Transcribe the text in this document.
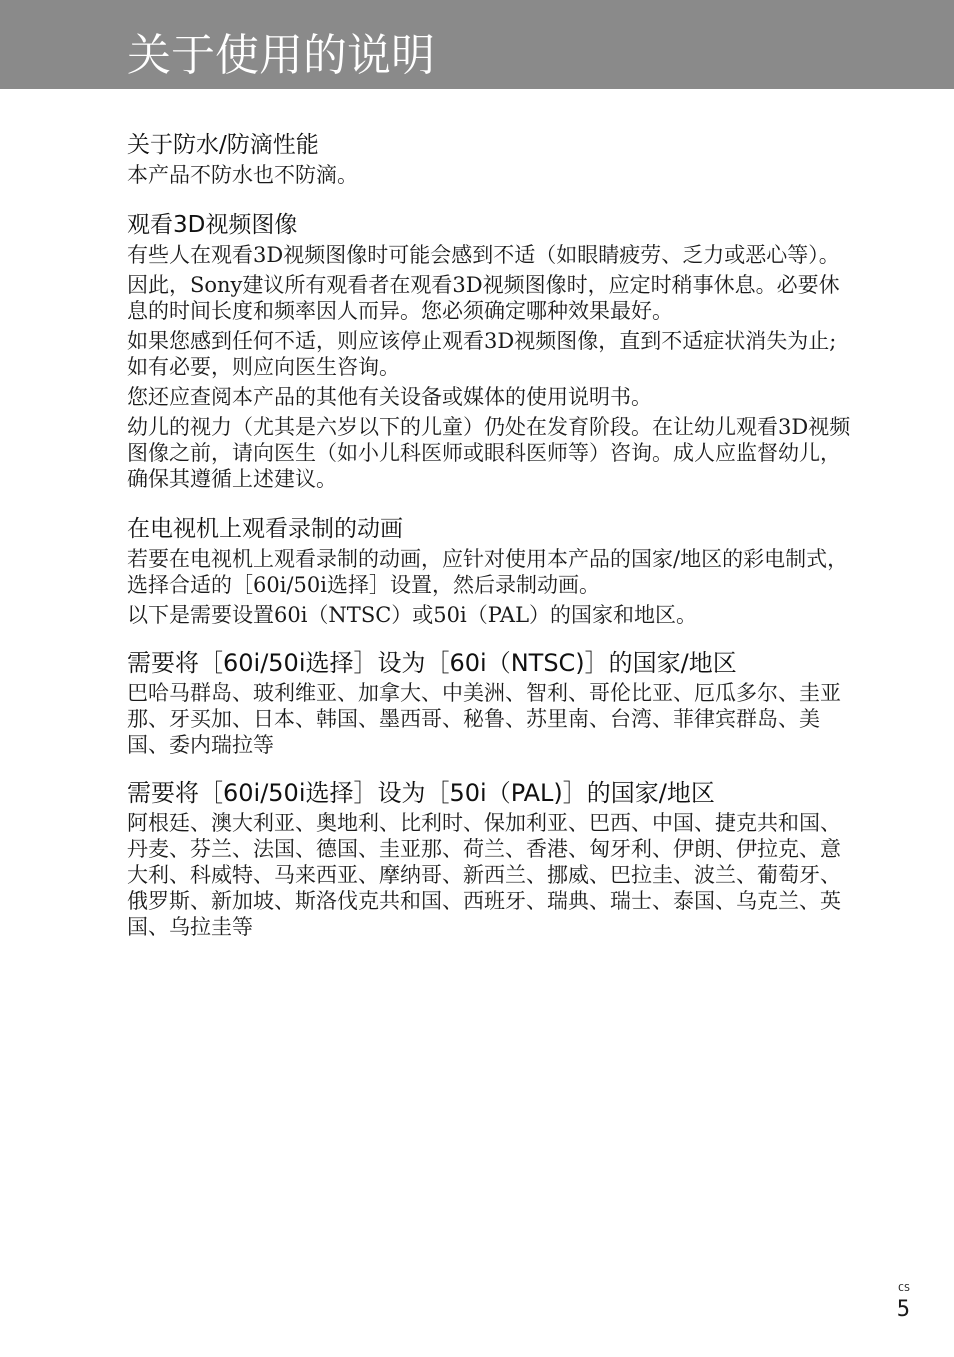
关于使用的说明
关于防水/防滴性能

本产品不防水也不防滴。

观看3D视频图像

有些人在观看3D视频图像时可能会感到不适（如眼睛疲劳、乏力或恶心等）。

因此，Sony建议所有观看者在观看3D视频图像时，应定时稍事休息。必要休息的时间长度和频率因人而异。您必须确定哪种效果最好。

如果您感到任何不适，则应该停止观看3D视频图像，直到不适症状消失为止;如有必要，则应向医生咨询。

您还应查阅本产品的其他有关设备或媒体的使用说明书。

幼儿的视力（尤其是六岁以下的儿童）仍处在发育阶段。在让幼儿观看3D视频图像之前，请向医生（如小儿科医师或眼科医师等）咨询。成人应监督幼儿，确保其遵循上述建议。

在电视机上观看录制的动画

若要在电视机上观看录制的动画，应针对使用本产品的国家/地区的彩电制式，选择合适的［60i/50i选择］设置，然后录制动画。

以下是需要设置60i（NTSC）或50i（PAL）的国家和地区。

需要将［60i/50i选择］设为［60i（NTSC)］的国家/地区

巴哈马群岛、玻利维亚、加拿大、中美洲、智利、哥伦比亚、厄瓜多尔、圭亚那、牙买加、日本、韩国、墨西哥、秘鲁、苏里南、台湾、菲律宾群岛、美国、委内瑞拉等

需要将［60i/50i选择］设为［50i（PAL)］的国家/地区

阿根廷、澳大利亚、奥地利、比利时、保加利亚、巴西、中国、捷克共和国、丹麦、芬兰、法国、德国、圭亚那、荷兰、香港、匈牙利、伊朗、伊拉克、意大利、科威特、马来西亚、摩纳哥、新西兰、挪威、巴拉圭、波兰、葡萄牙、俄罗斯、新加坡、斯洛伐克共和国、西班牙、瑞典、瑞士、泰国、乌克兰、英国、乌拉圭等

CS
5
